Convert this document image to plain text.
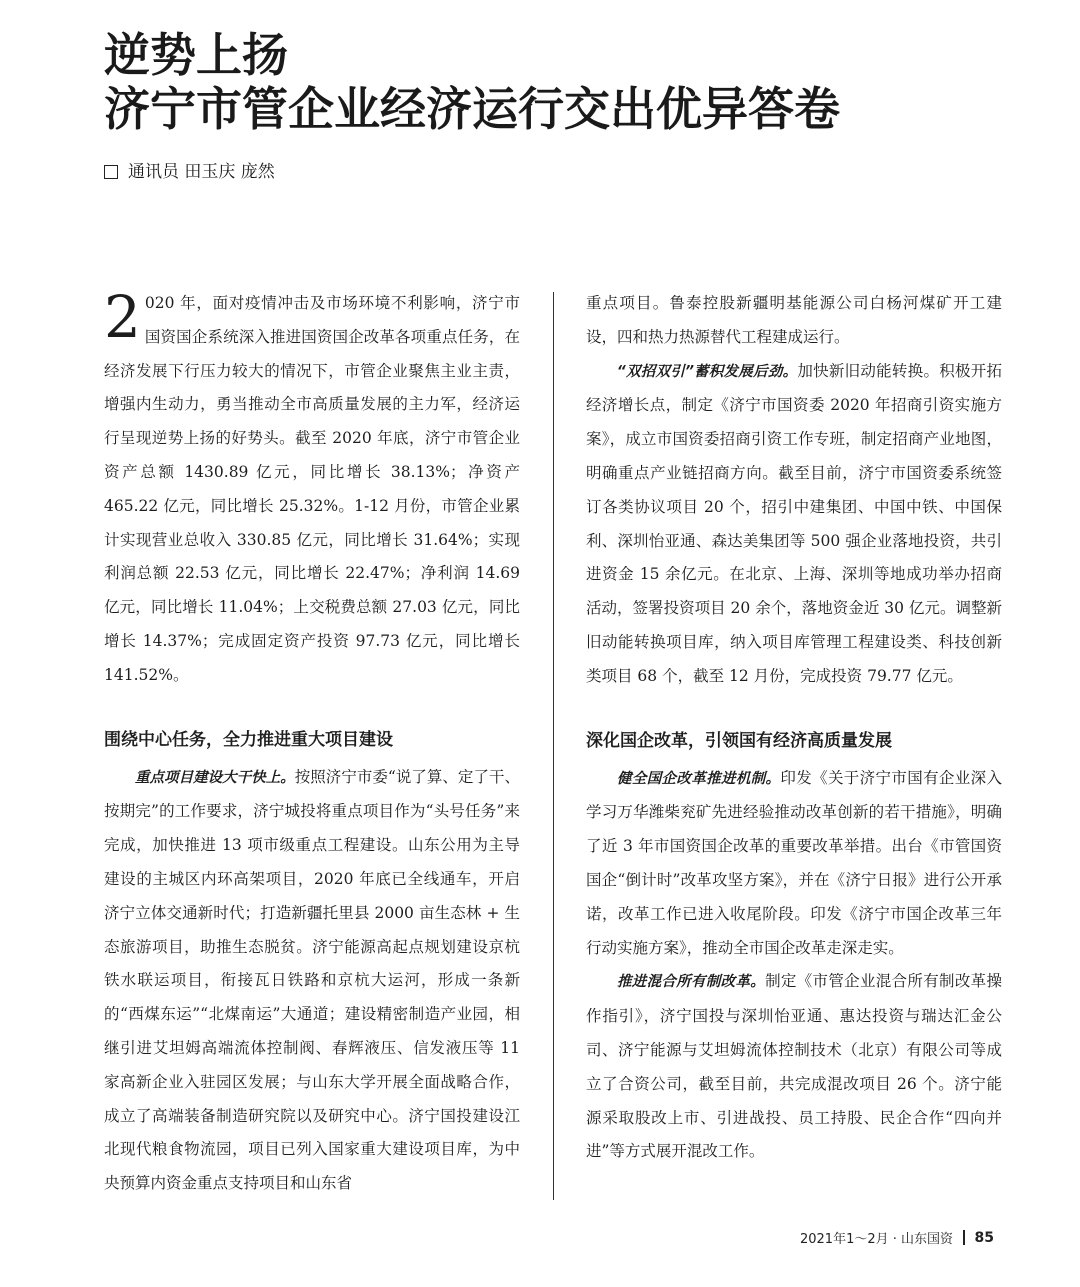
逆势上扬
济宁市管企业经济运行交出优异答卷
通讯员 田玉庆 庞然

2 020 年，面对疫情冲击及市场环境不利影响，济宁市国资国企系统深入推进国资国企改革各项重点任务，在经济发展下行压力较大的情况下，市管企业聚焦主业主责，增强内生动力，勇当推动全市高质量发展的主力军，经济运行呈现逆势上扬的好势头。截至 2020 年底，济宁市管企业资产总额 1430.89 亿元，同比增长 38.13%；净资产 465.22 亿元，同比增长 25.32%。1-12 月份，市管企业累计实现营业总收入 330.85 亿元，同比增长 31.64%；实现利润总额 22.53 亿元，同比增长 22.47%；净利润 14.69 亿元，同比增长 11.04%；上交税费总额 27.03 亿元，同比增长 14.37%；完成固定资产投资 97.73 亿元，同比增长 141.52%。

围绕中心任务，全力推进重大项目建设

重点项目建设大干快上。按照济宁市委“说了算、定了干、按期完”的工作要求，济宁城投将重点项目作为“头号任务”来完成，加快推进 13 项市级重点工程建设。山东公用为主导建设的主城区内环高架项目，2020 年底已全线通车，开启济宁立体交通新时代；打造新疆托里县 2000 亩生态林 + 生态旅游项目，助推生态脱贫。济宁能源高起点规划建设京杭铁水联运项目，衔接瓦日铁路和京杭大运河，形成一条新的“西煤东运”“北煤南运”大通道；建设精密制造产业园，相继引进艾坦姆高端流体控制阀、春辉液压、信发液压等 11 家高新企业入驻园区发展；与山东大学开展全面战略合作，成立了高端装备制造研究院以及研究中心。济宁国投建设江北现代粮食物流园，项目已列入国家重大建设项目库，为中央预算内资金重点支持项目和山东省

重点项目。鲁泰控股新疆明基能源公司白杨河煤矿开工建设，四和热力热源替代工程建成运行。

“双招双引”蓄积发展后劲。加快新旧动能转换。积极开拓经济增长点，制定《济宁市国资委 2020 年招商引资实施方案》，成立市国资委招商引资工作专班，制定招商产业地图，明确重点产业链招商方向。截至目前，济宁市国资委系统签订各类协议项目 20 个，招引中建集团、中国中铁、中国保利、深圳怡亚通、森达美集团等 500 强企业落地投资，共引进资金 15 余亿元。在北京、上海、深圳等地成功举办招商活动，签署投资项目 20 余个，落地资金近 30 亿元。调整新旧动能转换项目库，纳入项目库管理工程建设类、科技创新类项目 68 个，截至 12 月份，完成投资 79.77 亿元。

深化国企改革，引领国有经济高质量发展

健全国企改革推进机制。印发《关于济宁市国有企业深入学习万华潍柴兖矿先进经验推动改革创新的若干措施》，明确了近 3 年市国资国企改革的重要改革举措。出台《市管国资国企“倒计时”改革攻坚方案》，并在《济宁日报》进行公开承诺，改革工作已进入收尾阶段。印发《济宁市国企改革三年行动实施方案》，推动全市国企改革走深走实。

推进混合所有制改革。制定《市管企业混合所有制改革操作指引》，济宁国投与深圳怡亚通、惠达投资与瑞达汇金公司、济宁能源与艾坦姆流体控制技术（北京）有限公司等成立了合资公司，截至目前，共完成混改项目 26 个。济宁能源采取股改上市、引进战投、员工持股、民企合作“四向并进”等方式展开混改工作。

2021年1～2月 · 山东国资 85
